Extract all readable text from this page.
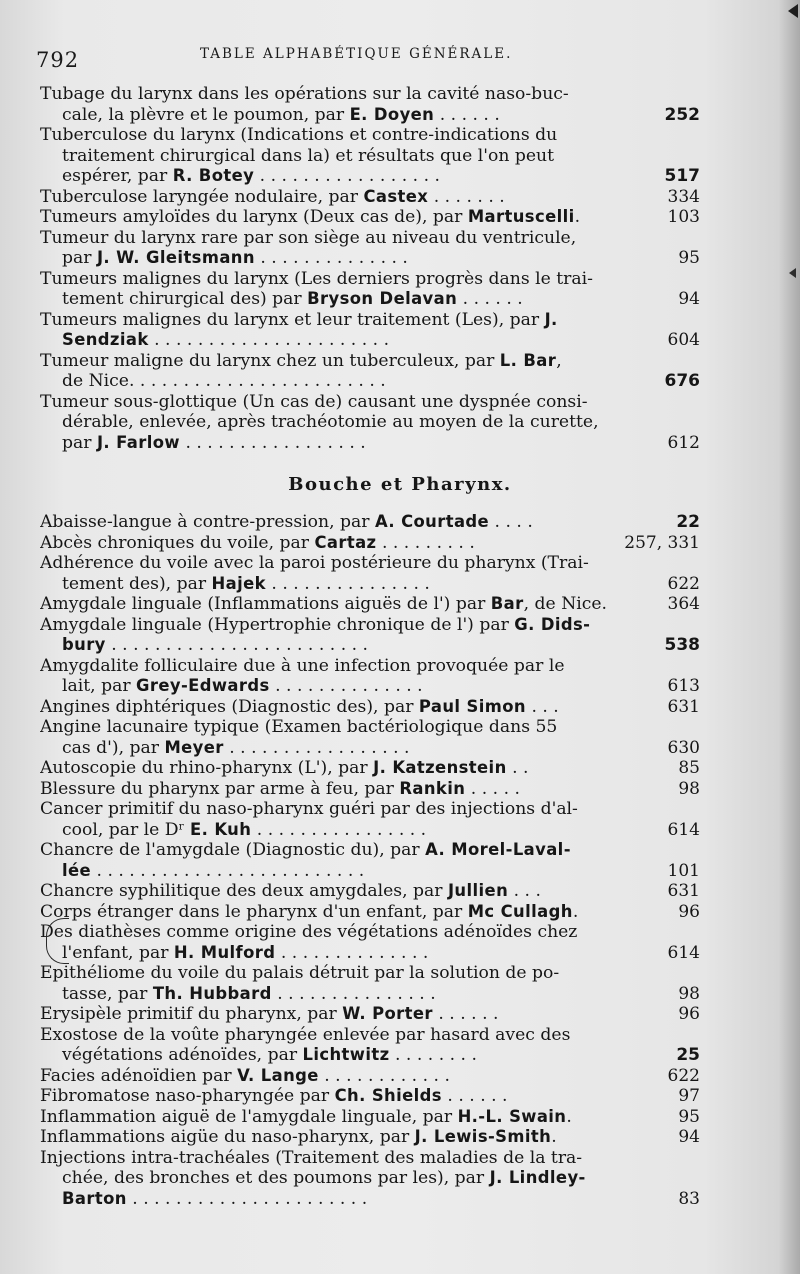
792	TABLE ALPHABÉTIQUE GÉNÉRALE.
Tubage du larynx dans les opérations sur la cavité naso-buc-
cale, la plèvre et le poumon, par E. Doyen . . . . . .	252
Tuberculose du larynx (Indications et contre-indications du
traitement chirurgical dans la) et résultats que l'on peut
espérer, par R. Botey . . . . . . . . . . . . . . . . .	517
Tuberculose laryngée nodulaire, par Castex . . . . . . .	334
Tumeurs amyloïdes du larynx (Deux cas de), par Martuscelli.	103
Tumeur du larynx rare par son siège au niveau du ventricule,
par J. W. Gleitsmann . . . . . . . . . . . . . .	95
Tumeurs malignes du larynx (Les derniers progrès dans le trai-
tement chirurgical des) par Bryson Delavan . . . . . .	94
Tumeurs malignes du larynx et leur traitement (Les), par J.
Sendziak . . . . . . . . . . . . . . . . . . . . . .	604
Tumeur maligne du larynx chez un tuberculeux, par L. Bar,
de Nice. . . . . . . . . . . . . . . . . . . . . . . .	676
Tumeur sous-glottique (Un cas de) causant une dyspnée consi-
dérable, enlevée, après trachéotomie au moyen de la curette,
par J. Farlow . . . . . . . . . . . . . . . . .	612
Abaisse-langue à contre-pression, par A. Courtade . . . .	22
Abcès chroniques du voile, par Cartaz . . . . . . . . .	257, 331
Adhérence du voile avec la paroi postérieure du pharynx (Trai-
tement des), par Hajek . . . . . . . . . . . . . . .	622
Amygdale linguale (Inflammations aiguës de l') par Bar, de Nice.	364
Amygdale linguale (Hypertrophie chronique de l') par G. Dids-
bury . . . . . . . . . . . . . . . . . . . . . . . .	538
Amygdalite folliculaire due à une infection provoquée par le
lait, par Grey-Edwards . . . . . . . . . . . . . .	613
Angines diphtériques (Diagnostic des), par Paul Simon . . .	631
Angine lacunaire typique (Examen bactériologique dans 55
cas d'), par Meyer . . . . . . . . . . . . . . . . .	630
Autoscopie du rhino-pharynx (L'), par J. Katzenstein . .	85
Blessure du pharynx par arme à feu, par Rankin . . . . .	98
Cancer primitif du naso-pharynx guéri par des injections d'al-
cool, par le Dʳ E. Kuh . . . . . . . . . . . . . . . .	614
Chancre de l'amygdale (Diagnostic du), par A. Morel-Laval-
lée . . . . . . . . . . . . . . . . . . . . . . . . .	101
Chancre syphilitique des deux amygdales, par Jullien . . .	631
Corps étranger dans le pharynx d'un enfant, par Mc Cullagh.	96
Des diathèses comme origine des végétations adénoïdes chez
l'enfant, par H. Mulford . . . . . . . . . . . . . .	614
Epithéliome du voile du palais détruit par la solution de po-
tasse, par Th. Hubbard . . . . . . . . . . . . . . .	98
Erysipèle primitif du pharynx, par W. Porter . . . . . .	96
Exostose de la voûte pharyngée enlevée par hasard avec des
végétations adénoïdes, par Lichtwitz . . . . . . . .	25
Facies adénoïdien par V. Lange . . . . . . . . . . . .	622
Fibromatose naso-pharyngée par Ch. Shields . . . . . .	97
Inflammation aiguë de l'amygdale linguale, par H.-L. Swain.	95
Inflammations aigüe du naso-pharynx, par J. Lewis-Smith.	94
Injections intra-trachéales (Traitement des maladies de la tra-
chée, des bronches et des poumons par les), par J. Lindley-
Barton . . . . . . . . . . . . . . . . . . . . . .	83
Bouche et Pharynx.
